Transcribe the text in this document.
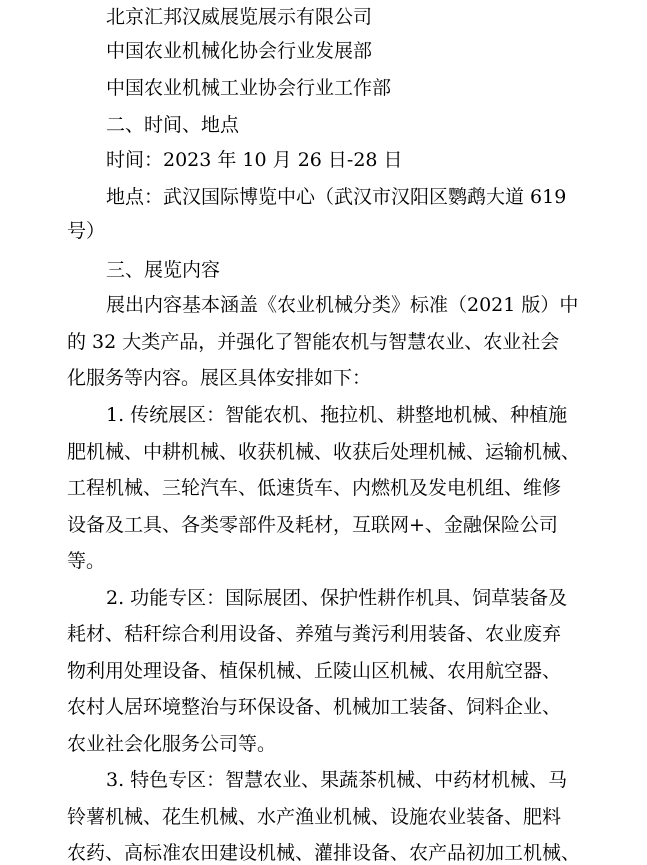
北京汇邦汉威展览展示有限公司
中国农业机械化协会行业发展部
中国农业机械工业协会行业工作部
二、时间、地点
时间：2023 年 10 月 26 日-28 日
地点：武汉国际博览中心（武汉市汉阳区鹦鹉大道 619
号）
三、展览内容
展出内容基本涵盖《农业机械分类》标准（2021 版）中
的 32 大类产品，并强化了智能农机与智慧农业、农业社会
化服务等内容。展区具体安排如下：
1. 传统展区：智能农机、拖拉机、耕整地机械、种植施
肥机械、中耕机械、收获机械、收获后处理机械、运输机械、
工程机械、三轮汽车、低速货车、内燃机及发电机组、维修
设备及工具、各类零部件及耗材，互联网+、金融保险公司
等。
2. 功能专区：国际展团、保护性耕作机具、饲草装备及
耗材、秸秆综合利用设备、养殖与粪污利用装备、农业废弃
物利用处理设备、植保机械、丘陵山区机械、农用航空器、
农村人居环境整治与环保设备、机械加工装备、饲料企业、
农业社会化服务公司等。
3. 特色专区：智慧农业、果蔬茶机械、中药材机械、马
铃薯机械、花生机械、水产渔业机械、设施农业装备、肥料
农药、高标准农田建设机械、灌排设备、农产品初加工机械、
